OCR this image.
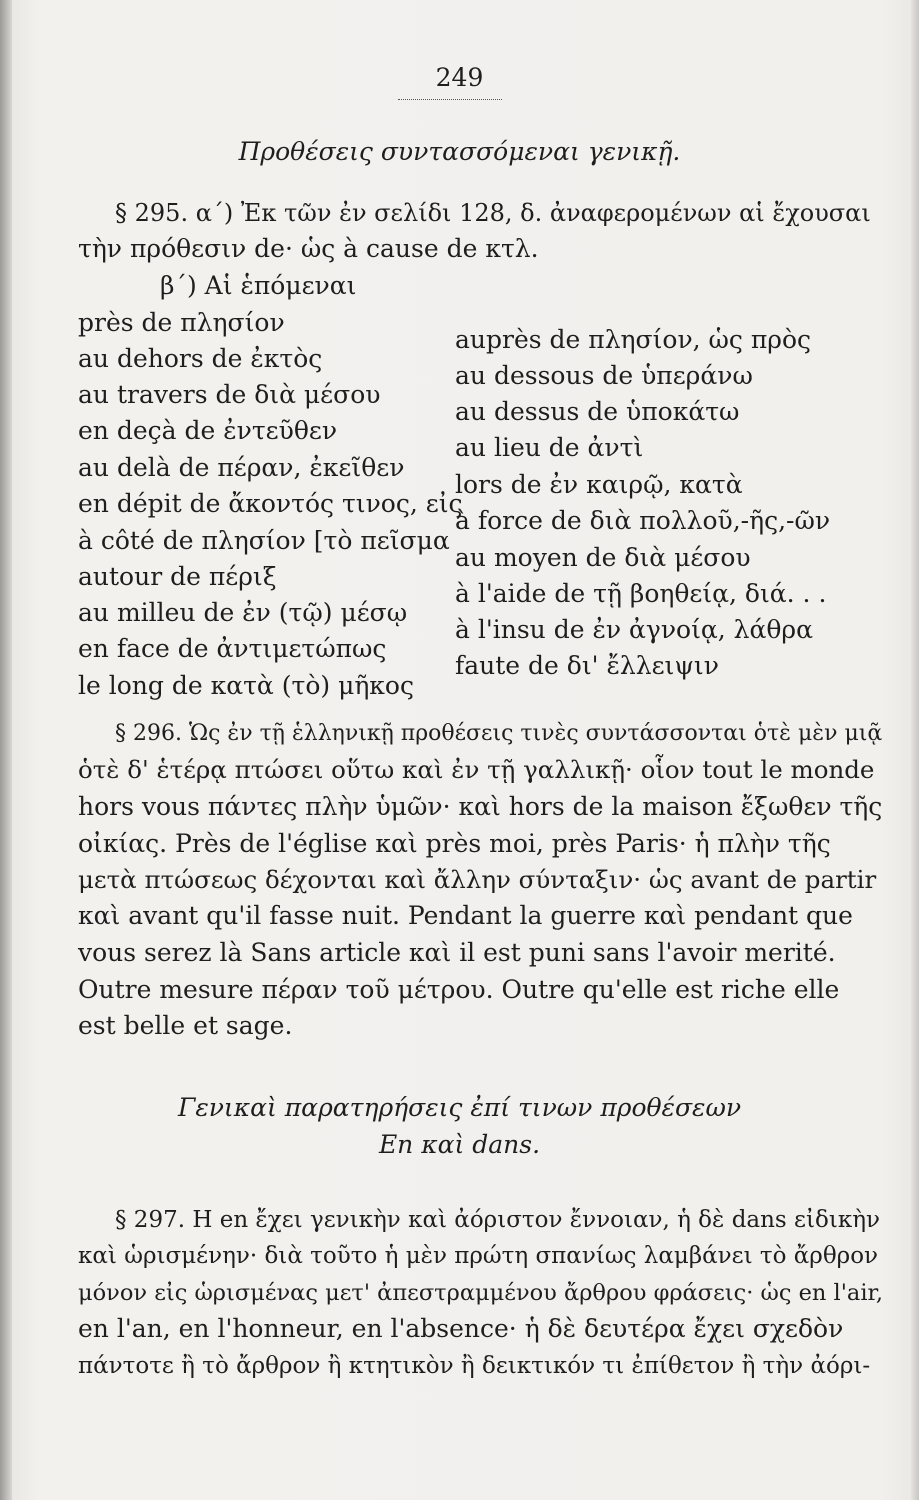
249
Προθέσεις συντασσόμεναι γενικῇ.
§ 295. α΄) Ἐκ τῶν ἐν σελίδι 128, δ. ἀναφερομένων αἱ ἔχουσαι
τὴν πρόθεσιν de· ὡς à cause de κτλ.
β΄) Αἱ ἑπόμεναι
près de πλησίον
au dehors de ἐκτὸς
au travers de διὰ μέσου
en deçà de ἐντεῦθεν
au delà de πέραν, ἐκεῖθεν
en dépit de ἄκοντός τινος, εἰς
à côté de πλησίον [τὸ πεῖσμα
autour de πέριξ
au milleu de ἐν (τῷ) μέσῳ
en face de ἀντιμετώπως
le long de κατὰ (τὸ) μῆκος
auprès de πλησίον, ὡς πρὸς
au dessous de ὑπεράνω
au dessus de ὑποκάτω
au lieu de ἀντὶ
lors de ἐν καιρῷ, κατὰ
à force de διὰ πολλοῦ,-ῆς,-ῶν
au moyen de διὰ μέσου
à l'aide de τῇ βοηθείᾳ, διά. . .
à l'insu de ἐν ἀγνοίᾳ, λάθρα
faute de δι' ἔλλειψιν
§ 296. Ὡς ἐν τῇ ἑλληνικῇ προθέσεις τινὲς συντάσσονται ὁτὲ μὲν μιᾷ
ὁτὲ δ' ἑτέρᾳ πτώσει οὕτω καὶ ἐν τῇ γαλλικῇ· οἷον tout le monde
hors vous πάντες πλὴν ὑμῶν· καὶ hors de la maison ἔξωθεν τῆς
οἰκίας. Près de l'église καὶ près moi, près Paris· ἡ πλὴν τῆς
μετὰ πτώσεως δέχονται καὶ ἄλλην σύνταξιν· ὡς avant de partir
καὶ avant qu'il fasse nuit. Pendant la guerre καὶ pendant que
vous serez là Sans article καὶ il est puni sans l'avoir merité.
Outre mesure πέραν τοῦ μέτρου. Outre qu'elle est riche elle
est belle et sage.
Γενικαὶ παρατηρήσεις ἐπί τινων προθέσεων
En καὶ dans.
§ 297. Η en ἔχει γενικὴν καὶ ἀόριστον ἔννοιαν, ἡ δὲ dans εἰδικὴν
καὶ ὡρισμένην· διὰ τοῦτο ἡ μὲν πρώτη σπανίως λαμβάνει τὸ ἄρθρον
μόνον εἰς ὡρισμένας μετ' ἀπεστραμμένου ἄρθρου φράσεις· ὡς en l'air,
en l'an, en l'honneur, en l'absence· ἡ δὲ δευτέρα ἔχει σχεδὸν
πάντοτε ἢ τὸ ἄρθρον ἢ κτητικὸν ἢ δεικτικόν τι ἐπίθετον ἢ τὴν ἀόρι-
